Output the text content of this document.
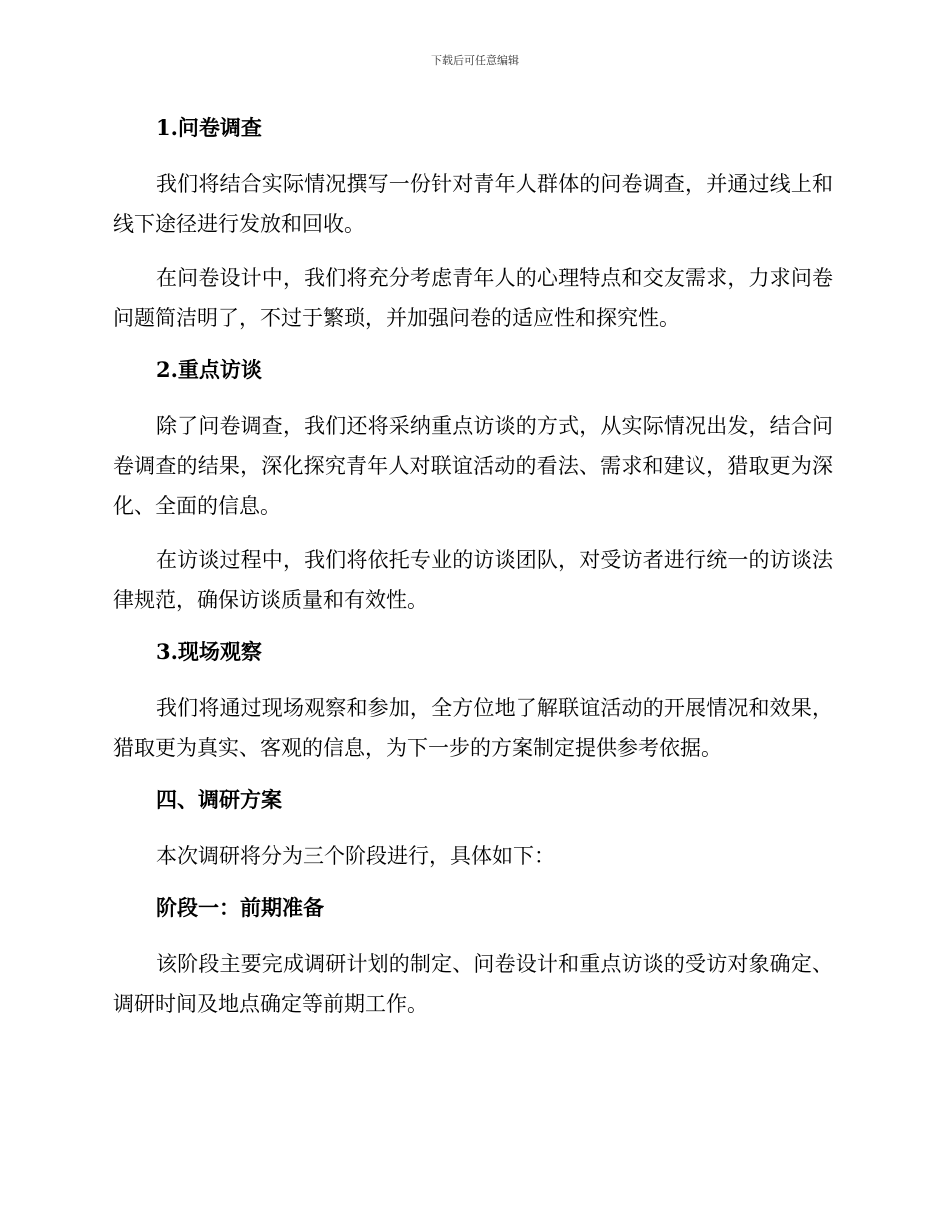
下载后可任意编辑
1.问卷调查

我们将结合实际情况撰写一份针对青年人群体的问卷调查，并通过线上和线下途径进行发放和回收。

在问卷设计中，我们将充分考虑青年人的心理特点和交友需求，力求问卷问题简洁明了，不过于繁琐，并加强问卷的适应性和探究性。

2.重点访谈

除了问卷调查，我们还将采纳重点访谈的方式，从实际情况出发，结合问卷调查的结果，深化探究青年人对联谊活动的看法、需求和建议，猎取更为深化、全面的信息。

在访谈过程中，我们将依托专业的访谈团队，对受访者进行统一的访谈法律规范，确保访谈质量和有效性。

3.现场观察

我们将通过现场观察和参加，全方位地了解联谊活动的开展情况和效果，猎取更为真实、客观的信息，为下一步的方案制定提供参考依据。

四、调研方案

本次调研将分为三个阶段进行，具体如下：

阶段一：前期准备

该阶段主要完成调研计划的制定、问卷设计和重点访谈的受访对象确定、调研时间及地点确定等前期工作。
